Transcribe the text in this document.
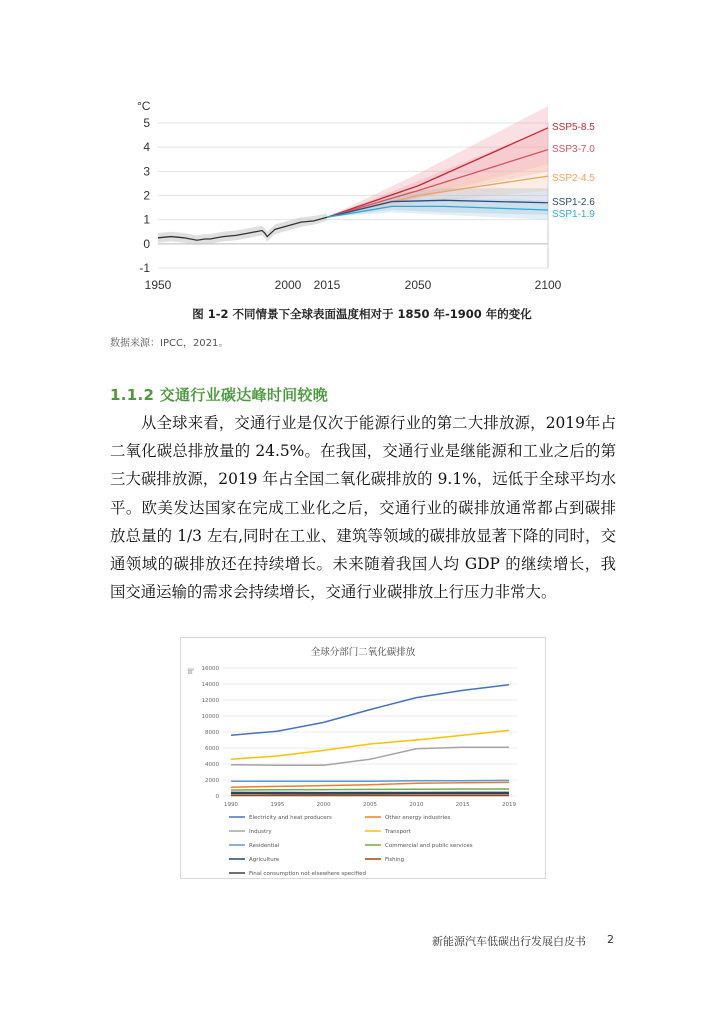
-1
0
1
2
3
4
5
1950	2000 2015	2050	2100
SSP5-8.5
SSP3-7.0
SSP2-4.5
SSP1-2.6
SSP1-1.9
°C
图 1-2 不同情景下全球表面温度相对于 1850 年-1900 年的变化
数据来源：IPCC，2021。
1.1.2 交通行业碳达峰时间较晚

从全球来看，交通行业是仅次于能源行业的第二大排放源，2019年占二氧化碳总排放量的 24.5%。在我国，交通行业是继能源和工业之后的第三大碳排放源，2019 年占全国二氧化碳排放的 9.1%，远低于全球平均水平。欧美发达国家在完成工业化之后，交通行业的碳排放通常都占到碳排放总量的 1/3 左右,同时在工业、建筑等领域的碳排放显著下降的同时，交通领域的碳排放还在持续增长。未来随着我国人均 GDP 的继续增长，我国交通运输的需求会持续增长，交通行业碳排放上行压力非常大。

全球分部门二氧化碳排放
吨 16000
14000
12000
10000
8000
6000
4000
2000
0
1990	1995	2000	2005	2010	2015	2019
Electricity and heat producers	Other energy industries
Industry	Transport
Residential	Commercial and public services
Agriculture	Fishing
Final consumption not elsewhere specified
新能源汽车低碳出行发展白皮书 2
